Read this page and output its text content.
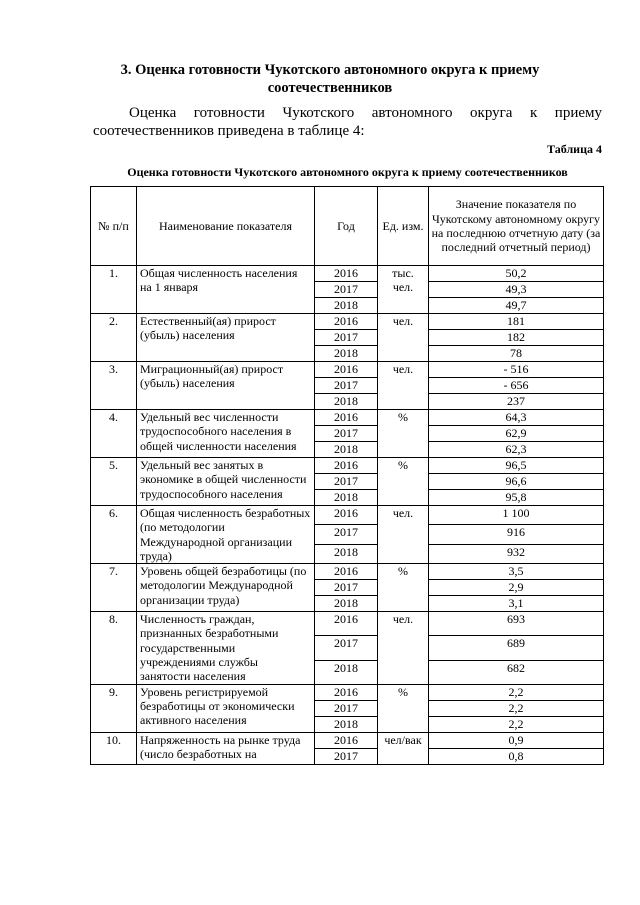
3. Оценка готовности Чукотского автономного округа к приему соотечественников
Оценка готовности Чукотского автономного округа к приему соотечественников приведена в таблице 4:
Таблица 4
Оценка готовности Чукотского автономного округа к приему соотечественников
№ п/п	Наименование показателя	Год	Ед. изм.	Значение показателя по Чукотскому автономному округу на последнюю отчетную дату (за последний отчетный период)
1.	Общая численность населения на 1 января	2016	тыс. чел.	50,2
		2017		49,3
		2018		49,7
2.	Естественный(ая) прирост (убыль) населения	2016	чел.	181
		2017		182
		2018		78
3.	Миграционный(ая) прирост (убыль) населения	2016	чел.	- 516
		2017		- 656
		2018		237
4.	Удельный вес численности трудоспособного населения в общей численности населения	2016	%	64,3
		2017		62,9
		2018		62,3
5.	Удельный вес занятых в экономике в общей численности трудоспособного населения	2016	%	96,5
		2017		96,6
		2018		95,8
6.	Общая численность безработных (по методологии Международной организации труда)	2016	чел.	1 100
		2017		916
		2018		932
7.	Уровень общей безработицы (по методологии Международной организации труда)	2016	%	3,5
		2017		2,9
		2018		3,1
8.	Численность граждан, признанных безработными государственными учреждениями службы занятости населения	2016	чел.	693
		2017		689
		2018		682
9.	Уровень регистрируемой безработицы от экономически активного населения	2016	%	2,2
		2017		2,2
		2018		2,2
10.	Напряженность на рынке труда (число безработных на	2016	чел/вак	0,9
		2017		0,8
